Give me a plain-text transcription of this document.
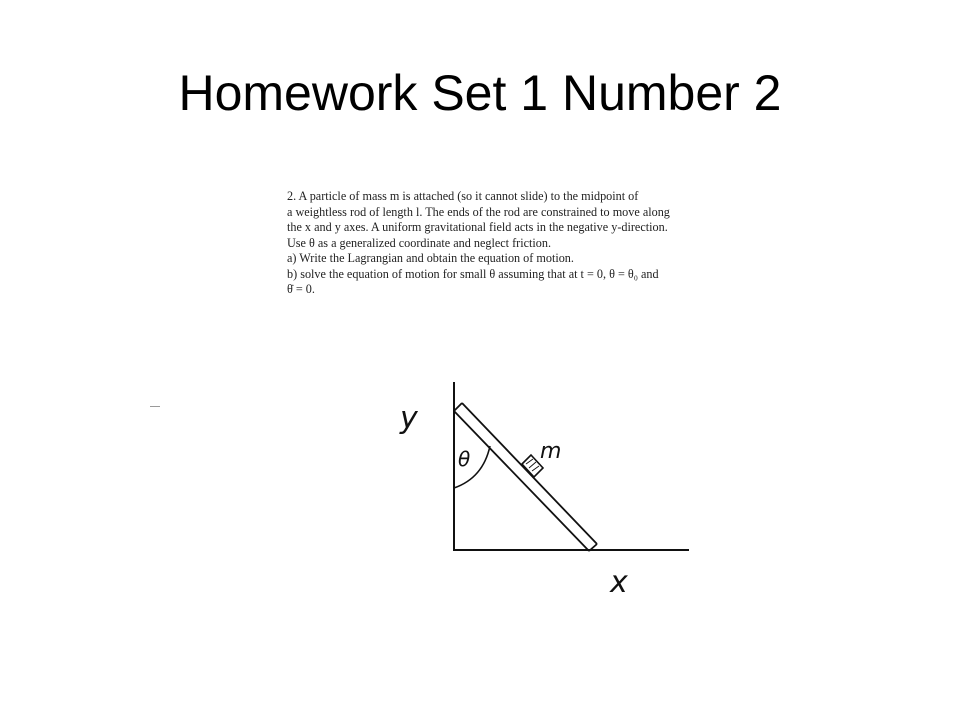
Homework Set 1 Number 2
2. A particle of mass m is attached (so it cannot slide) to the midpoint of
a weightless rod of length l. The ends of the rod are constrained to move along
the x and y axes. A uniform gravitational field acts in the negative y-direction.
Use θ as a generalized coordinate and neglect friction.
a) Write the Lagrangian and obtain the equation of motion.
b) solve the equation of motion for small θ assuming that at t = 0, θ = θ₀ and
θ̇ = 0.
y
x
θ	m
